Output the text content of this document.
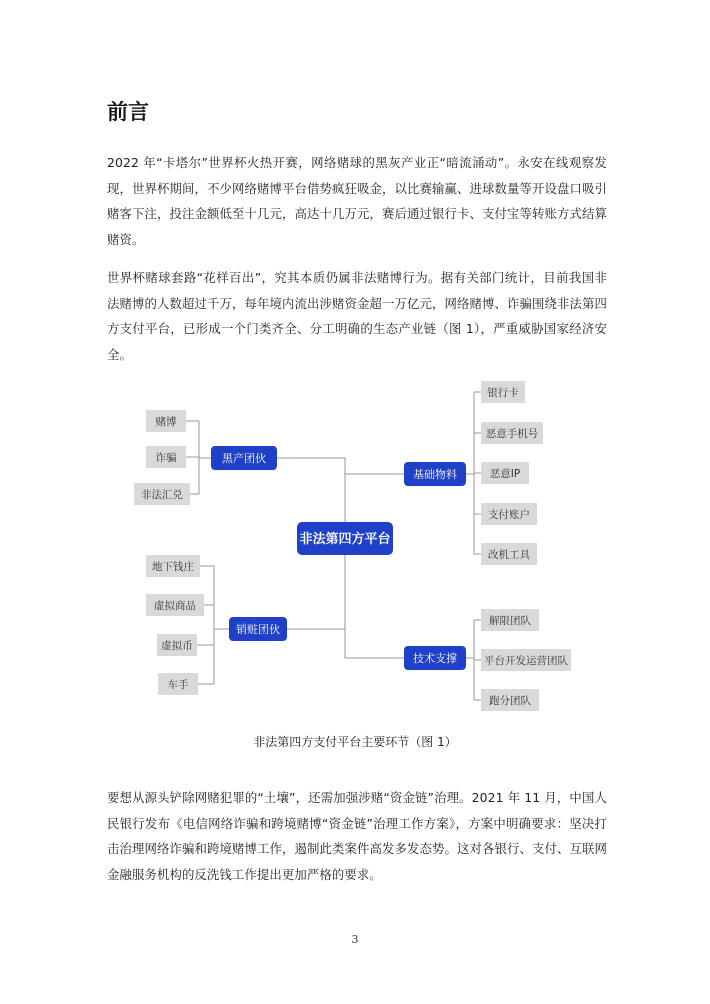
前言
2022 年“卡塔尔”世界杯火热开赛，网络赌球的黑灰产业正“暗流涌动”。永安在线观察发现，世界杯期间，不少网络赌博平台借势疯狂吸金，以比赛输赢、进球数量等开设盘口吸引赌客下注，投注金额低至十几元，高达十几万元，赛后通过银行卡、支付宝等转账方式结算赌资。
世界杯赌球套路“花样百出”，究其本质仍属非法赌博行为。据有关部门统计，目前我国非法赌博的人数超过千万，每年境内流出涉赌资金超一万亿元，网络赌博、诈骗围绕非法第四方支付平台，已形成一个门类齐全、分工明确的生态产业链（图 1），严重威胁国家经济安全。
非法第四方平台
黑产团伙
销赃团伙
基础物料
技术支撑
赌博
诈骗
非法汇兑
地下钱庄
虚拟商品
虚拟币
车手
银行卡
恶意手机号
恶意IP
支付账户
改机工具
解限团队
平台开发运营团队
跑分团队
非法第四方支付平台主要环节（图 1）
要想从源头铲除网赌犯罪的“土壤”，还需加强涉赌“资金链”治理。2021 年 11 月，中国人民银行发布《电信网络诈骗和跨境赌博“资金链”治理工作方案》，方案中明确要求：坚决打击治理网络诈骗和跨境赌博工作，遏制此类案件高发多发态势。这对各银行、支付、互联网金融服务机构的反洗钱工作提出更加严格的要求。
3
